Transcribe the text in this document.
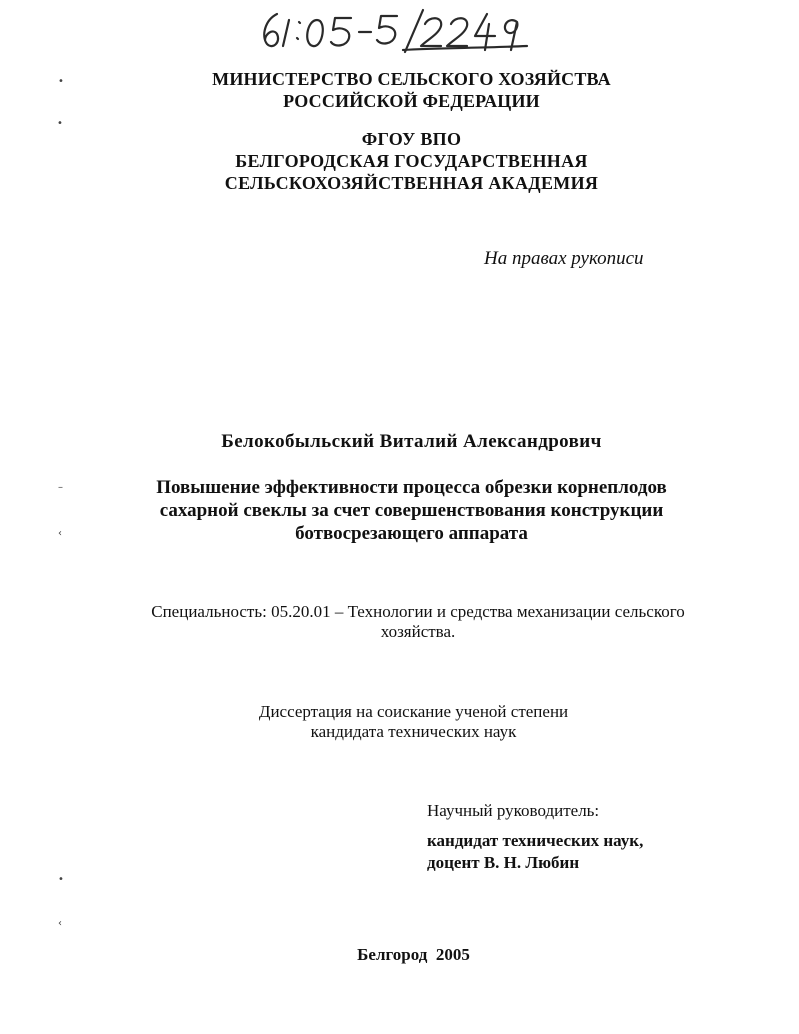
МИНИСТЕРСТВО СЕЛЬСКОГО ХОЗЯЙСТВА
РОССИЙСКОЙ ФЕДЕРАЦИИ
ФГОУ ВПО
БЕЛГОРОДСКАЯ ГОСУДАРСТВЕННАЯ
СЕЛЬСКОХОЗЯЙСТВЕННАЯ АКАДЕМИЯ
На правах рукописи
Белокобыльский Виталий Александрович
Повышение эффективности процесса обрезки корнеплодов
сахарной свеклы за счет совершенствования конструкции
ботвосрезающего аппарата
Специальность: 05.20.01 – Технологии и средства механизации сельского
хозяйства.
Диссертация на соискание ученой степени
кандидата технических наук
Научный руководитель:
кандидат технических наук,
доцент В. Н. Любин
Белгород  2005
•
•
–
‹
•
‹
